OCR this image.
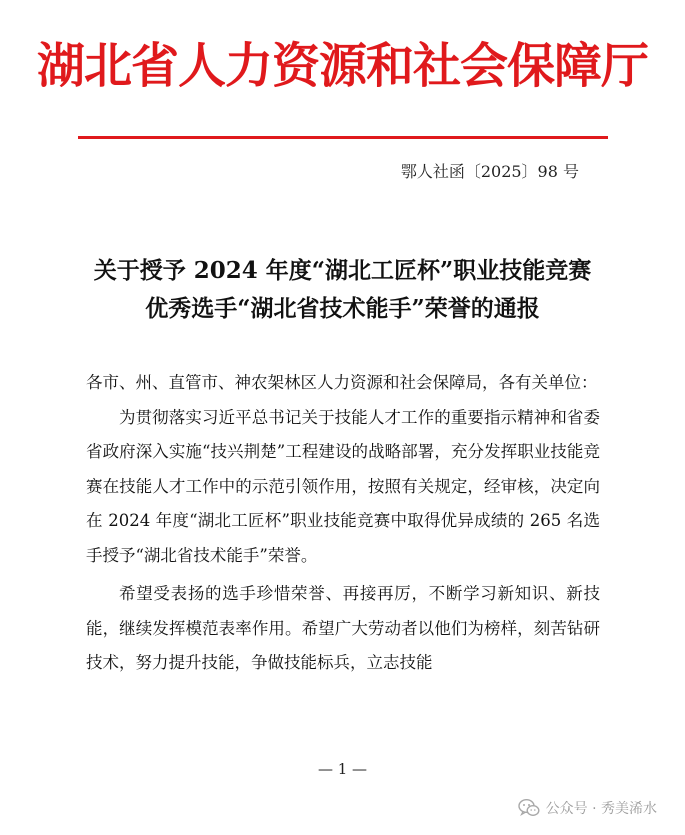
湖北省人力资源和社会保障厅
鄂人社函〔2025〕98 号
关于授予 2024 年度“湖北工匠杯”职业技能竞赛
优秀选手“湖北省技术能手”荣誉的通报

各市、州、直管市、神农架林区人力资源和社会保障局，各有关单位：

为贯彻落实习近平总书记关于技能人才工作的重要指示精神和省委省政府深入实施“技兴荆楚”工程建设的战略部署，充分发挥职业技能竞赛在技能人才工作中的示范引领作用，按照有关规定，经审核，决定向在 2024 年度“湖北工匠杯”职业技能竞赛中取得优异成绩的 265 名选手授予“湖北省技术能手”荣誉。

希望受表扬的选手珍惜荣誉、再接再厉，不断学习新知识、新技能，继续发挥模范表率作用。希望广大劳动者以他们为榜样，刻苦钻研技术，努力提升技能，争做技能标兵，立志技能

— 1 —
公众号 · 秀美浠水
